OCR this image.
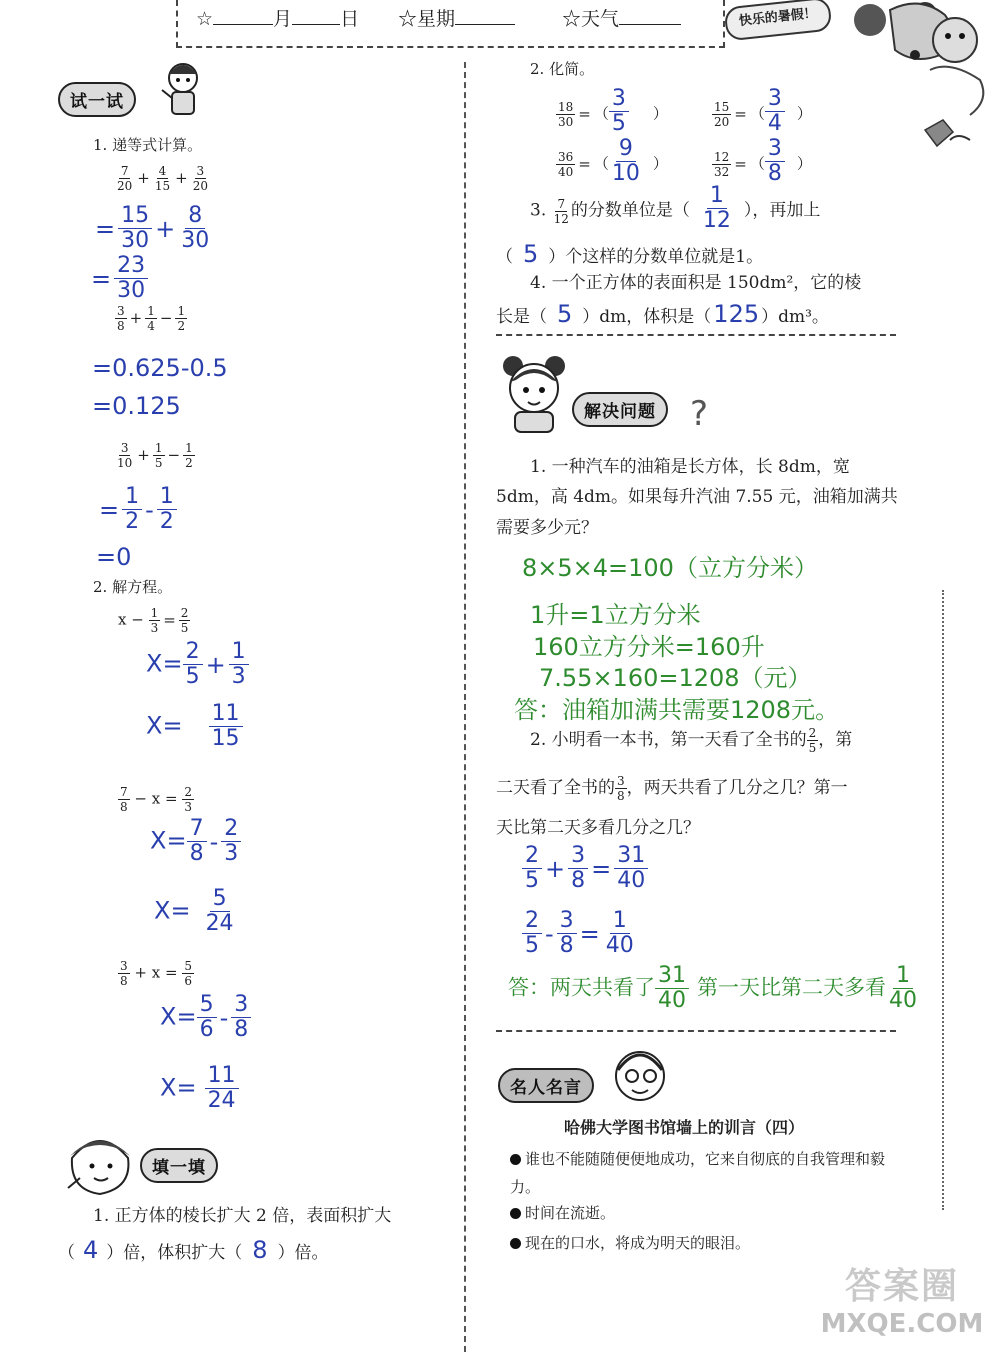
☆	月	日 ☆星期	☆天气	快乐的暑假！
试一试
1. 递等式计算。
$\frac{7}{20} + \frac{4}{15} + \frac{3}{20}$
= $\frac{15}{30} + \frac{8}{30}$
= $\frac{23}{30}$
$\frac{3}{8} + \frac{1}{4} - \frac{1}{2}$
=0.625-0.5
=0.125
$\frac{3}{10} + \frac{1}{5} - \frac{1}{2}$
= $\frac{1}{2} - \frac{1}{2}$
=0
2. 解方程。
$x - \frac{1}{3} = \frac{2}{5}$
$X= \frac{2}{5} + \frac{1}{3}$
$X= \frac{11}{15}$
$\frac{7}{8} - x = \frac{2}{3}$
$X= \frac{7}{8} - \frac{2}{3}$
$X= \frac{5}{24}$
$\frac{3}{8} + x = \frac{5}{6}$
$X= \frac{5}{6} - \frac{3}{8}$
$X= \frac{11}{24}$
填一填
1. 正方体的棱长扩大 2 倍，表面积扩大
（ 4 ）倍，体积扩大（ 8 ）倍。
2. 化简。
$\frac{18}{30}$ = （ $\frac{3}{5}$ ）	$\frac{15}{20}$ = （ $\frac{3}{4}$ ）
$\frac{36}{40}$ = （ $\frac{9}{10}$ ）	$\frac{12}{32}$ = （ $\frac{3}{8}$ ）
3. $\frac{7}{12}$ 的分数单位是（ $\frac{1}{12}$ ），再加上
（ 5 ）个这样的分数单位就是1。
4. 一个正方体的表面积是 150dm²，它的棱
长是（ 5 ）dm，体积是（125 ）dm³。
解决问题	?
1. 一种汽车的油箱是长方体，长 8dm，宽 5dm，高 4dm。如果每升汽油 7.55 元，油箱加满共需要多少元？
8×5×4=100（立方分米）
1升=1立方分米
160立方分米=160升
7.55×160=1208（元）
答：油箱加满共需要1208元。
2. 小明看一本书，第一天看了全书的 $\frac{2}{5}$ ，第
二天看了全书的 $\frac{3}{8}$ ，两天共看了几分之几？第一
天比第二天多看几分之几？
$\frac{2}{5} + \frac{3}{8} = \frac{31}{40}$
$\frac{2}{5} - \frac{3}{8} = \frac{1}{40}$
答：两天共看了 $\frac{31}{40}$ 第一天比第二天多看 $\frac{1}{40}$
名人名言
哈佛大学图书馆墙上的训言（四）
谁也不能随随便便地成功，它来自彻底的自我管理和毅力。
时间在流逝。
现在的口水，将成为明天的眼泪。
答案圈
MXQE.COM
